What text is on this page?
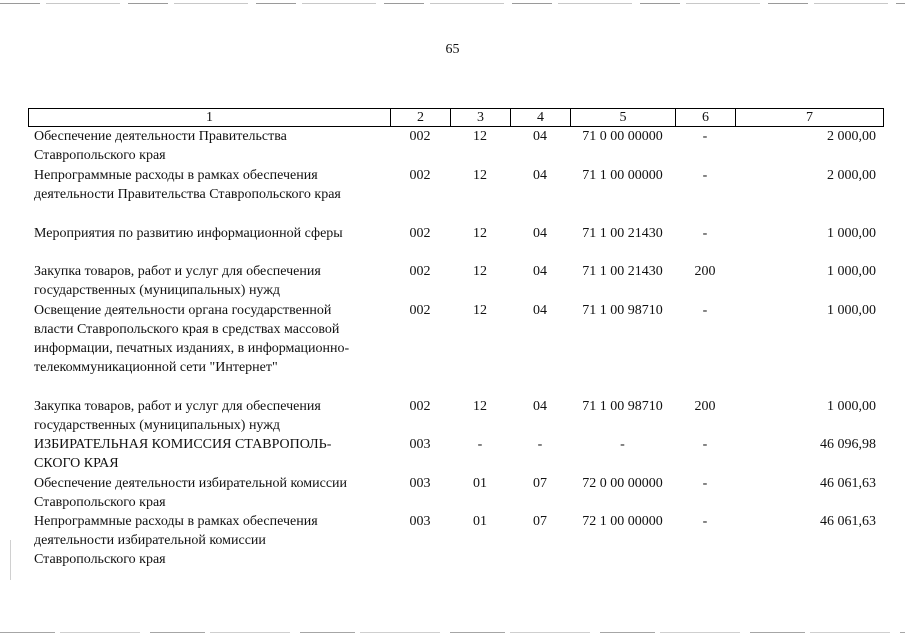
65
1	2	3	4	5	6	7
Обеспечение деятельности Правительства
Ставропольского края
002	12	04	71 0 00 00000	-	2 000,00
Непрограммные расходы в рамках обеспечения
деятельности Правительства Ставропольского края
002	12	04	71 1 00 00000	-	2 000,00
Мероприятия по развитию информационной сферы	002	12	04	71 1 00 21430	-	1 000,00
Закупка товаров, работ и услуг для обеспечения
государственных (муниципальных) нужд
002	12	04	71 1 00 21430	200	1 000,00
Освещение деятельности органа государственной
власти Ставропольского края в средствах массовой
информации, печатных изданиях, в информационно-
телекоммуникационной сети "Интернет"
002	12	04	71 1 00 98710	-	1 000,00
Закупка товаров, работ и услуг для обеспечения
государственных (муниципальных) нужд
002	12	04	71 1 00 98710	200	1 000,00
ИЗБИРАТЕЛЬНАЯ КОМИССИЯ СТАВРОПОЛЬ-
СКОГО КРАЯ
003	-	-	-	-	46 096,98
Обеспечение деятельности избирательной комиссии
Ставропольского края
003	01	07	72 0 00 00000	-	46 061,63
Непрограммные расходы в рамках обеспечения
деятельности избирательной комиссии
Ставропольского края
003	01	07	72 1 00 00000	-	46 061,63
